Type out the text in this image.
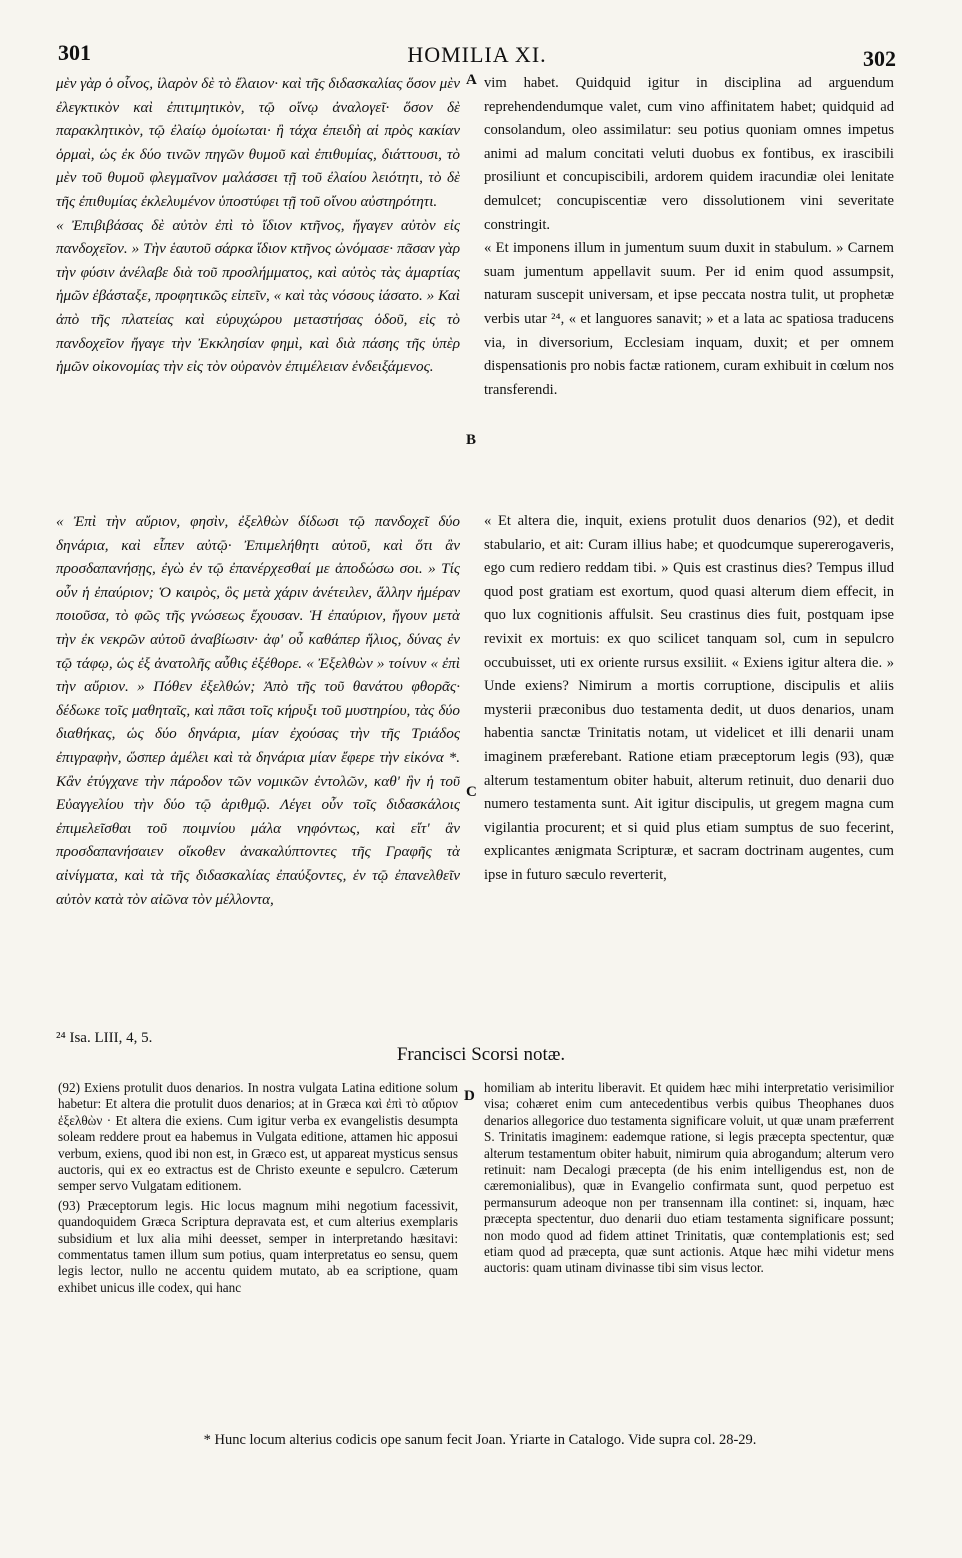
301	HOMILIA XI.	302
A
B
C
D

μὲν γὰρ ὁ οἶνος, ἱλαρὸν δὲ τὸ ἔλαιον· καὶ τῆς διδασκαλίας ὅσον μὲν ἐλεγκτικὸν καὶ ἐπιτιμητικὸν, τῷ οἴνῳ ἀναλογεῖ· ὅσον δὲ παρακλητικὸν, τῷ ἐλαίῳ ὁμοίωται· ἢ τάχα ἐπειδὴ αἱ πρὸς κακίαν ὁρμαὶ, ὡς ἐκ δύο τινῶν πηγῶν θυμοῦ καὶ ἐπιθυμίας, διάττουσι, τὸ μὲν τοῦ θυμοῦ φλεγμαῖνον μαλάσσει τῇ τοῦ ἐλαίου λειότητι, τὸ δὲ τῆς ἐπιθυμίας ἐκλελυμένον ὑποστύφει τῇ τοῦ οἴνου αὐστηρότητι.

« Ἐπιβιβάσας δὲ αὐτὸν ἐπὶ τὸ ἴδιον κτῆνος, ἤγαγεν αὐτὸν εἰς πανδοχεῖον. » Τὴν ἑαυτοῦ σάρκα ἴδιον κτῆνος ὠνόμασε· πᾶσαν γὰρ τὴν φύσιν ἀνέλαβε διὰ τοῦ προσλήμματος, καὶ αὐτὸς τὰς ἁμαρτίας ἡμῶν ἐβάσταξε, προφητικῶς εἰπεῖν, « καὶ τὰς νόσους ἰάσατο. » Καὶ ἀπὸ τῆς πλατείας καὶ εὐρυχώρου μεταστήσας ὁδοῦ, εἰς τὸ πανδοχεῖον ἤγαγε τὴν Ἐκκλησίαν φημὶ, καὶ διὰ πάσης τῆς ὑπὲρ ἡμῶν οἰκονομίας τὴν εἰς τὸν οὐρανὸν ἐπιμέλειαν ἐνδειξάμενος.

vim habet. Quidquid igitur in disciplina ad arguendum reprehendendumque valet, cum vino affinitatem habet; quidquid ad consolandum, oleo assimilatur: seu potius quoniam omnes impetus animi ad malum concitati veluti duobus ex fontibus, ex irascibili prosiliunt et concupiscibili, ardorem quidem iracundiæ olei lenitate demulcet; concupiscentiæ vero dissolutionem vini severitate constringit.

« Et imponens illum in jumentum suum duxit in stabulum. » Carnem suam jumentum appellavit suum. Per id enim quod assumpsit, naturam suscepit universam, et ipse peccata nostra tulit, ut prophetæ verbis utar ²⁴, « et languores sanavit; » et a lata ac spatiosa traducens via, in diversorium, Ecclesiam inquam, duxit; et per omnem dispensationis pro nobis factæ rationem, curam exhibuit in cœlum nos transferendi.

« Ἐπὶ τὴν αὔριον, φησὶν, ἐξελθὼν δίδωσι τῷ πανδοχεῖ δύο δηνάρια, καὶ εἶπεν αὐτῷ· Ἐπιμελήθητι αὐτοῦ, καὶ ὅτι ἂν προσδαπανήσῃς, ἐγὼ ἐν τῷ ἐπανέρχεσθαί με ἀποδώσω σοι. » Τίς οὖν ἡ ἐπαύριον; Ὁ καιρὸς, ὃς μετὰ χάριν ἀνέτειλεν, ἄλλην ἡμέραν ποιοῦσα, τὸ φῶς τῆς γνώσεως ἔχουσαν. Ἡ ἐπαύριον, ἤγουν μετὰ τὴν ἐκ νεκρῶν αὐτοῦ ἀναβίωσιν· ἀφ' οὗ καθάπερ ἥλιος, δύνας ἐν τῷ τάφῳ, ὡς ἐξ ἀνατολῆς αὖθις ἐξέθορε. « Ἐξελθὼν » τοίνυν « ἐπὶ τὴν αὔριον. » Πόθεν ἐξελθών; Ἀπὸ τῆς τοῦ θανάτου φθορᾶς· δέδωκε τοῖς μαθηταῖς, καὶ πᾶσι τοῖς κήρυξι τοῦ μυστηρίου, τὰς δύο διαθήκας, ὡς δύο δηνάρια, μίαν ἐχούσας τὴν τῆς Τριάδος ἐπιγραφὴν, ὥσπερ ἀμέλει καὶ τὰ δηνάρια μίαν ἔφερε τὴν εἰκόνα *. Κἂν ἐτύγχανε τὴν πάροδον τῶν νομικῶν ἐντολῶν, καθ' ἣν ἡ τοῦ Εὐαγγελίου τὴν δύο τῷ ἀριθμῷ. Λέγει οὖν τοῖς διδασκάλοις ἐπιμελεῖσθαι τοῦ ποιμνίου μάλα νηφόντως, καὶ εἴτ' ἂν προσδαπανήσαιεν οἴκοθεν ἀνακαλύπτοντες τῆς Γραφῆς τὰ αἰνίγματα, καὶ τὰ τῆς διδασκαλίας ἐπαύξοντες, ἐν τῷ ἐπανελθεῖν αὐτὸν κατὰ τὸν αἰῶνα τὸν μέλλοντα,

« Et altera die, inquit, exiens protulit duos denarios (92), et dedit stabulario, et ait: Curam illius habe; et quodcumque supererogaveris, ego cum rediero reddam tibi. » Quis est crastinus dies? Tempus illud quod post gratiam est exortum, quod quasi alterum diem effecit, in quo lux cognitionis affulsit. Seu crastinus dies fuit, postquam ipse revixit ex mortuis: ex quo scilicet tanquam sol, cum in sepulcro occubuisset, uti ex oriente rursus exsiliit. « Exiens igitur altera die. » Unde exiens? Nimirum a mortis corruptione, discipulis et aliis mysterii præconibus duo testamenta dedit, ut duos denarios, unam habentia sanctæ Trinitatis notam, ut videlicet et illi denarii unam imaginem præferebant. Ratione etiam præceptorum legis (93), quæ alterum testamentum obiter habuit, alterum retinuit, duo denarii duo numero testamenta sunt. Ait igitur discipulis, ut gregem magna cum vigilantia procurent; et si quid plus etiam sumptus de suo fecerint, explicantes ænigmata Scripturæ, et sacram doctrinam augentes, cum ipse in futuro sæculo reverterit,

²⁴ Isa. LIII, 4, 5.
Francisci Scorsi notæ.

(92) Exiens protulit duos denarios. In nostra vulgata Latina editione solum habetur: Et altera die protulit duos denarios; at in Græca καὶ ἐπὶ τὸ αὔριον ἐξελθὼν · Et altera die exiens. Cum igitur verba ex evangelistis desumpta soleam reddere prout ea habemus in Vulgata editione, attamen hic apposui verbum, exiens, quod ibi non est, in Græco est, ut appareat mysticus sensus auctoris, qui ex eo extractus est de Christo exeunte e sepulcro. Cæterum semper servo Vulgatam editionem.

(93) Præceptorum legis. Hic locus magnum mihi negotium facessivit, quandoquidem Græca Scriptura depravata est, et cum alterius exemplaris subsidium et lux alia mihi deesset, semper in interpretando hæsitavi: commentatus tamen illum sum potius, quam interpretatus eo sensu, quem legis lector, nullo ne accentu quidem mutato, ab ea scriptione, quam exhibet unicus ille codex, qui hanc

homiliam ab interitu liberavit. Et quidem hæc mihi interpretatio verisimilior visa; cohæret enim cum antecedentibus verbis quibus Theophanes duos denarios allegorice duo testamenta significare voluit, ut quæ unam præferrent S. Trinitatis imaginem: eademque ratione, si legis præcepta spectentur, quæ alterum testamentum obiter habuit, nimirum quia abrogandum; alterum vero retinuit: nam Decalogi præcepta (de his enim intelligendus est, non de cæremonialibus), quæ in Evangelio confirmata sunt, quod perpetuo est permansurum adeoque non per transennam illa continet: si, inquam, hæc præcepta spectentur, duo denarii duo etiam testamenta significare possunt; non modo quod ad fidem attinet Trinitatis, quæ contemplationis est; sed etiam quod ad præcepta, quæ sunt actionis. Atque hæc mihi videtur mens auctoris: quam utinam divinasse tibi sim visus lector.

* Hunc locum alterius codicis ope sanum fecit Joan. Yriarte in Catalogo. Vide supra col. 28-29.
